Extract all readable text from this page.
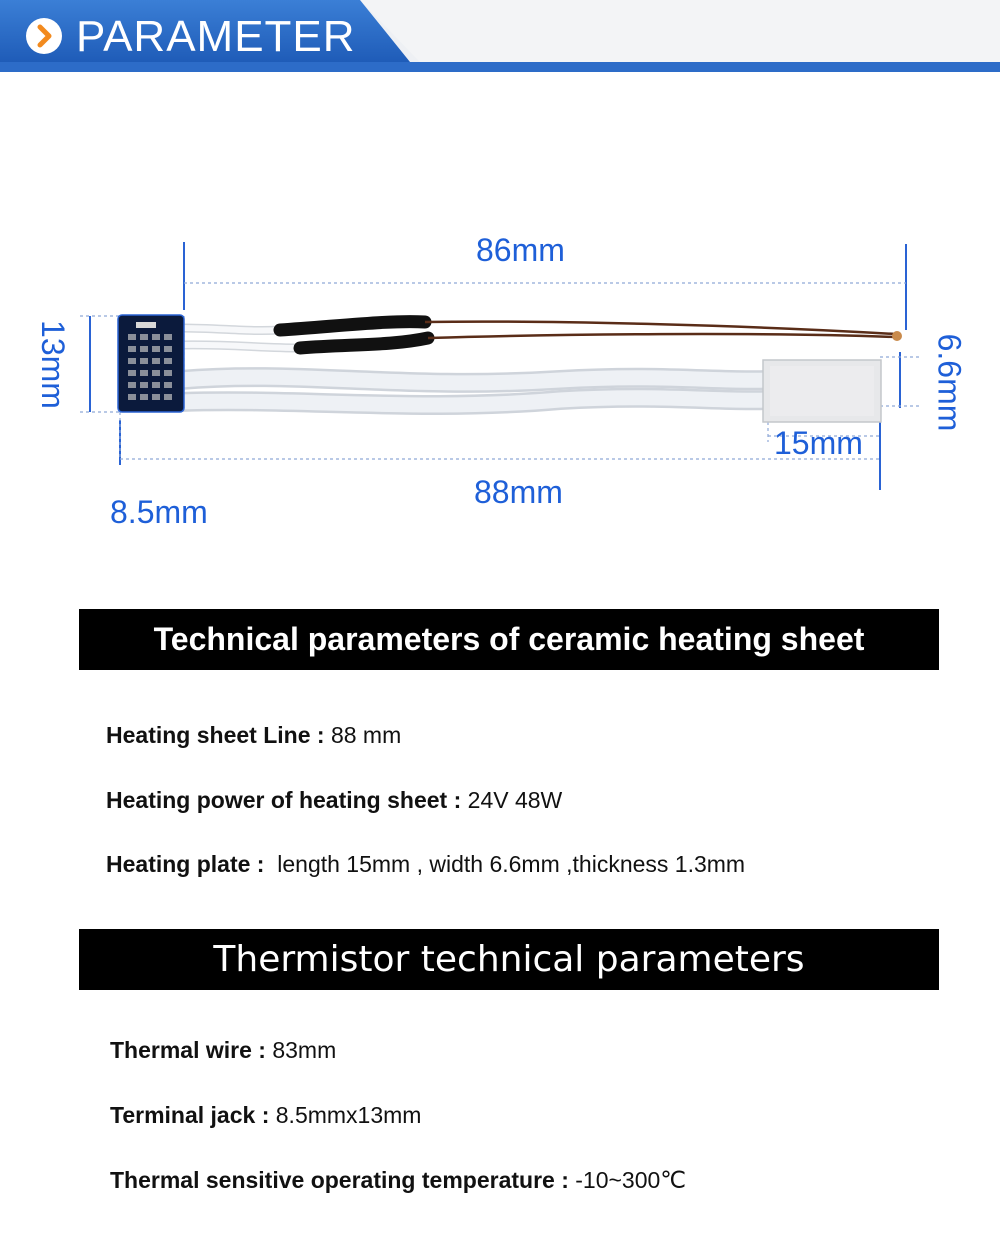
PARAMETER
86mm
88mm
8.5mm
15mm
13mm	6.6mm
Technical parameters of ceramic heating sheet
Heating sheet Line : 88 mm
Heating power of heating sheet : 24V 48W
Heating plate :  length 15mm , width 6.6mm ,thickness 1.3mm
Thermistor technical parameters
Thermal wire : 83mm
Terminal jack : 8.5mmx13mm
Thermal sensitive operating temperature : -10~300℃
